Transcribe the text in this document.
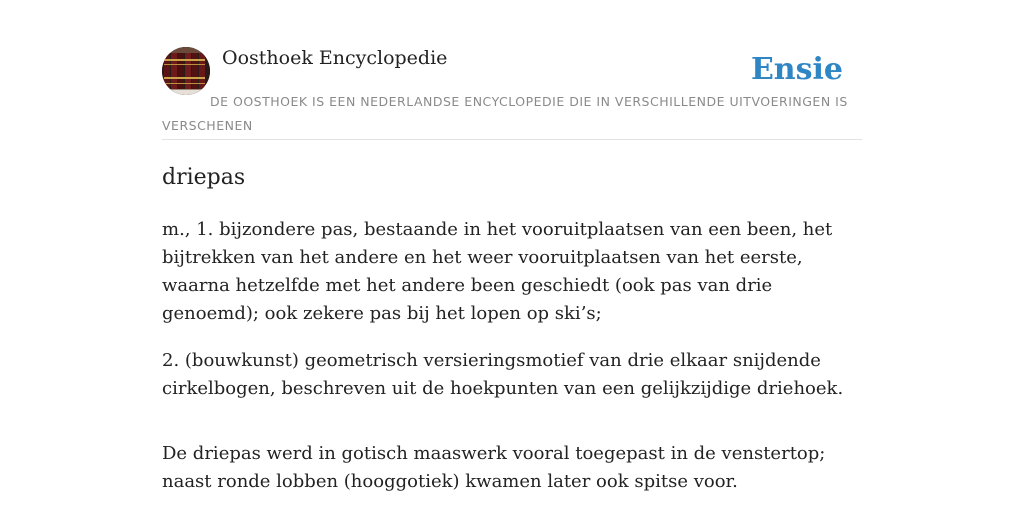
Oosthoek Encyclopedie	Ensie
DE OOSTHOEK IS EEN NEDERLANDSE ENCYCLOPEDIE DIE IN VERSCHILLENDE UITVOERINGEN IS VERSCHENEN
driepas

m., 1. bijzondere pas, bestaande in het vooruitplaatsen van een been, het bijtrekken van het andere en het weer vooruitplaatsen van het eerste, waarna hetzelfde met het andere been geschiedt (ook pas van drie genoemd); ook zekere pas bij het lopen op ski’s;

2. (bouwkunst) geometrisch versieringsmotief van drie elkaar snijdende cirkelbogen, beschreven uit de hoekpunten van een gelijkzijdige driehoek.

De driepas werd in gotisch maaswerk vooral toegepast in de venstertop; naast ronde lobben (hooggotiek) kwamen later ook spitse voor.
